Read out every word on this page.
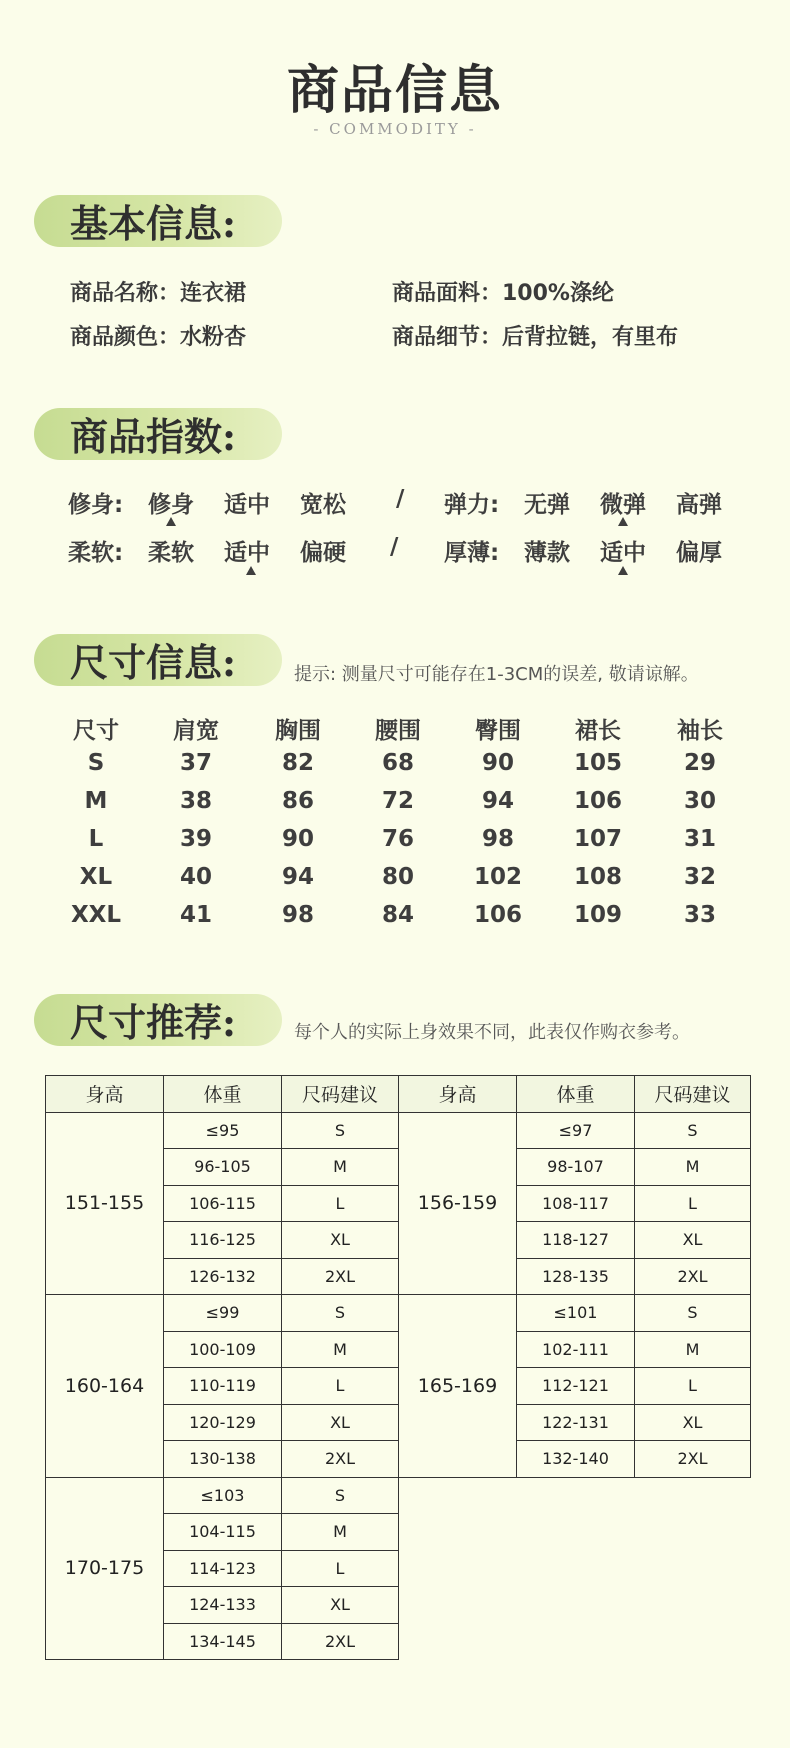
商品信息
- COMMODITY -
基本信息:
商品名称：连衣裙	商品面料：100%涤纶
商品颜色：水粉杏	商品细节：后背拉链，有里布
商品指数:
修身: 修身 适中 宽松 / 弹力: 无弹 微弹 高弹
柔软: 柔软 适中 偏硬 / 厚薄: 薄款 适中 偏厚
尺寸信息:	提示: 测量尺寸可能存在1-3CM的误差, 敬请谅解。
尺寸	肩宽	胸围	腰围	臀围	裙长	袖长
S	37	82	68	90	105	29
M	38	86	72	94	106	30
L	39	90	76	98	107	31
XL	40	94	80	102	108	32
XXL	41	98	84	106	109	33
尺寸推荐:	每个人的实际上身效果不同，此表仅作购衣参考。
身高	体重	尺码建议	身高	体重	尺码建议
151-155	≤95	S	156-159	≤97	S
	96-105	M		98-107	M
	106-115	L		108-117	L
	116-125	XL		118-127	XL
	126-132	2XL		128-135	2XL
160-164	≤99	S	165-169	≤101	S
	100-109	M		102-111	M
	110-119	L		112-121	L
	120-129	XL		122-131	XL
	130-138	2XL		132-140	2XL
170-175	≤103	S			
	104-115	M			
	114-123	L			
	124-133	XL			
	134-145	2XL			
